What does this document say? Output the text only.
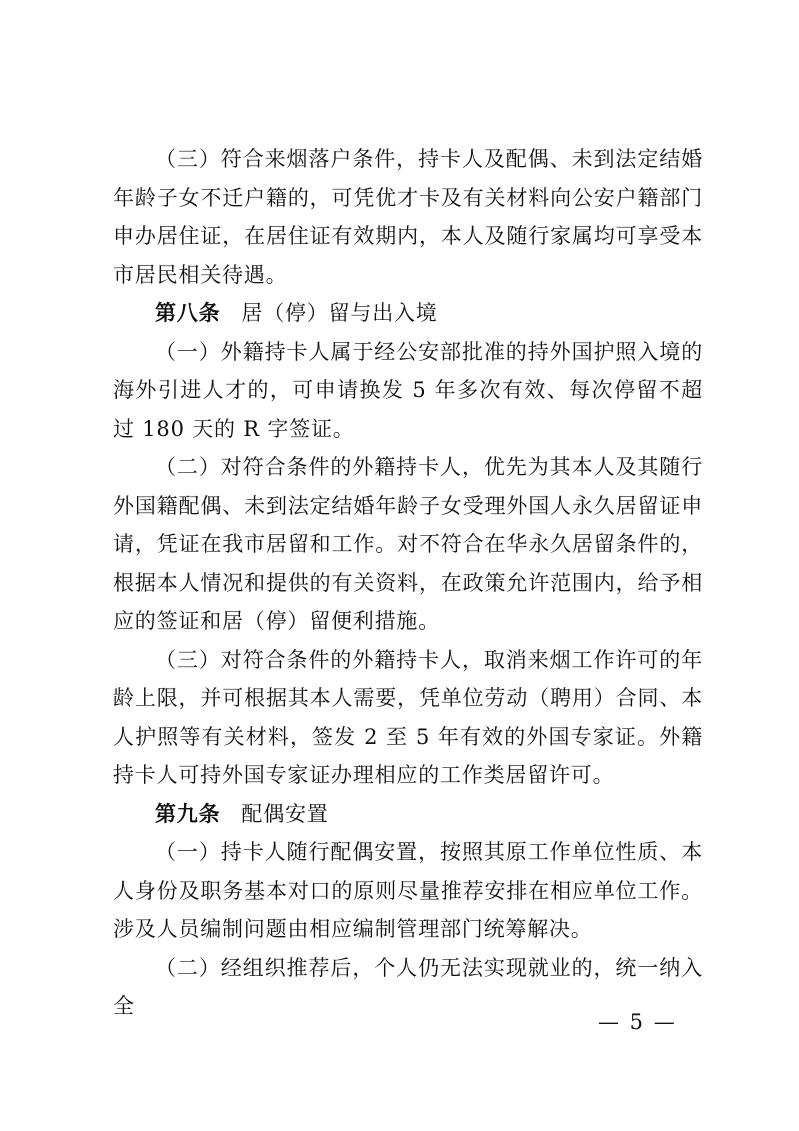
（三）符合来烟落户条件，持卡人及配偶、未到法定结婚年龄子女不迁户籍的，可凭优才卡及有关材料向公安户籍部门申办居住证，在居住证有效期内，本人及随行家属均可享受本市居民相关待遇。

第八条 居（停）留与出入境

（一）外籍持卡人属于经公安部批准的持外国护照入境的海外引进人才的，可申请换发 5 年多次有效、每次停留不超过 180 天的 R 字签证。

（二）对符合条件的外籍持卡人，优先为其本人及其随行外国籍配偶、未到法定结婚年龄子女受理外国人永久居留证申请，凭证在我市居留和工作。对不符合在华永久居留条件的，根据本人情况和提供的有关资料，在政策允许范围内，给予相应的签证和居（停）留便利措施。

（三）对符合条件的外籍持卡人，取消来烟工作许可的年龄上限，并可根据其本人需要，凭单位劳动（聘用）合同、本人护照等有关材料，签发 2 至 5 年有效的外国专家证。外籍持卡人可持外国专家证办理相应的工作类居留许可。

第九条 配偶安置

（一）持卡人随行配偶安置，按照其原工作单位性质、本人身份及职务基本对口的原则尽量推荐安排在相应单位工作。涉及人员编制问题由相应编制管理部门统筹解决。

（二）经组织推荐后，个人仍无法实现就业的，统一纳入全

— 5 —
